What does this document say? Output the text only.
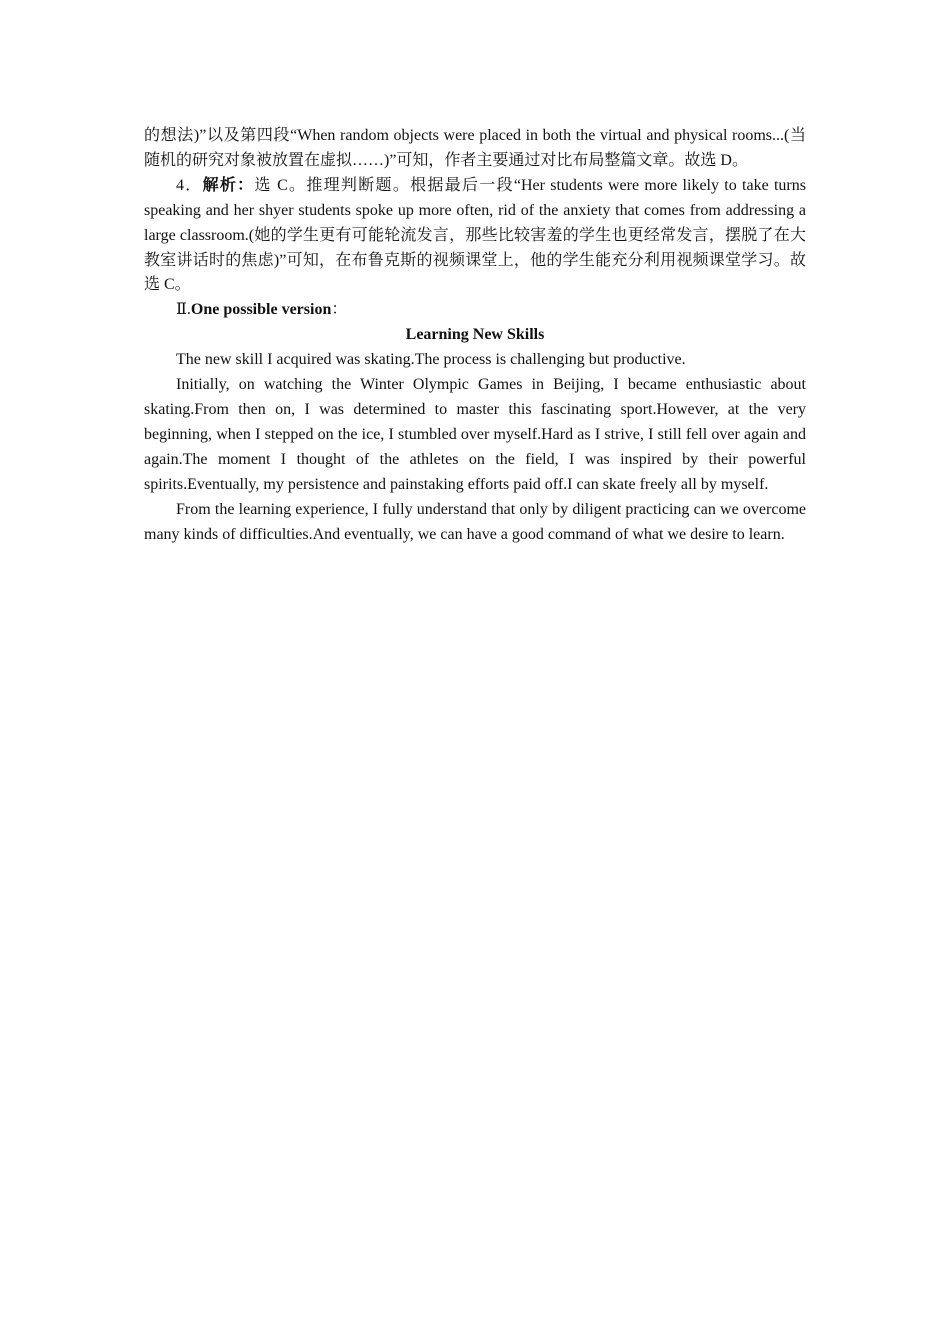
的想法)”以及第四段“When random objects were placed in both the virtual and physical rooms...(当随机的研究对象被放置在虚拟……)”可知，作者主要通过对比布局整篇文章。故选 D。

4．解析：选 C。推理判断题。根据最后一段“Her students were more likely to take turns speaking and her shyer students spoke up more often, rid of the anxiety that comes from addressing a large classroom.(她的学生更有可能轮流发言，那些比较害羞的学生也更经常发言，摆脱了在大教室讲话时的焦虑)”可知，在布鲁克斯的视频课堂上，他的学生能充分利用视频课堂学习。故选 C。

Ⅱ.One possible version：

Learning New Skills

The new skill I acquired was skating.The process is challenging but productive.

Initially, on watching the Winter Olympic Games in Beijing, I became enthusiastic about skating.From then on, I was determined to master this fascinating sport.However, at the very beginning, when I stepped on the ice, I stumbled over myself.Hard as I strive, I still fell over again and again.The moment I thought of the athletes on the field, I was inspired by their powerful spirits.Eventually, my persistence and painstaking efforts paid off.I can skate freely all by myself.

From the learning experience, I fully understand that only by diligent practicing can we overcome many kinds of difficulties.And eventually, we can have a good command of what we desire to learn.
